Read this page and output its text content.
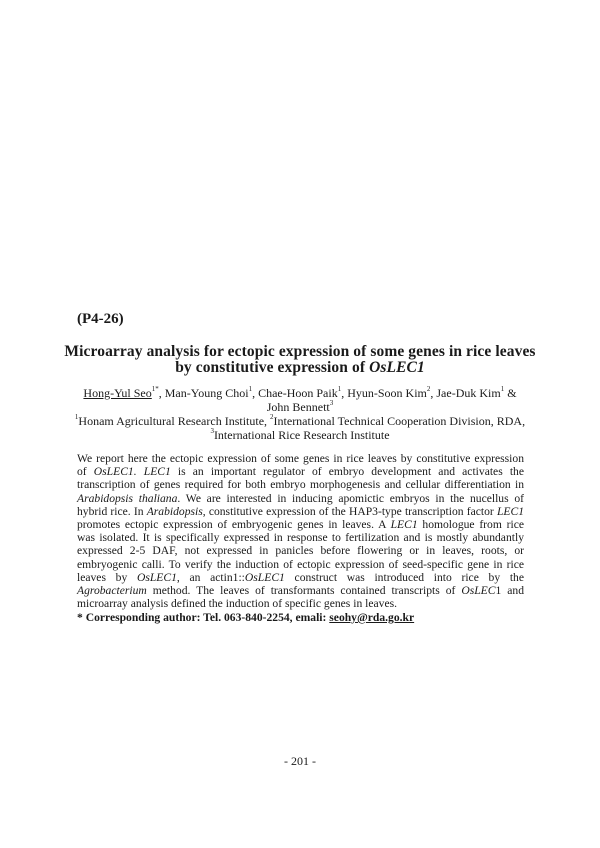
(P4-26)
Microarray analysis for ectopic expression of some genes in rice leaves
by constitutive expression of OsLEC1
Hong-Yul Seo$^{1*}$, Man-Young Choi$^1$, Chae-Hoon Paik$^1$, Hyun-Soon Kim$^2$, Jae-Duk Kim$^1$ &
John Bennett$^3$
$^1$Honam Agricultural Research Institute, $^2$International Technical Cooperation Division, RDA,
$^3$International Rice Research Institute
We report here the ectopic expression of some genes in rice leaves by constitutive expression
of OsLEC1. LEC1 is an important regulator of embryo development and activates the
transcription of genes required for both embryo morphogenesis and cellular differentiation in
Arabidopsis thaliana. We are interested in inducing apomictic embryos in the nucellus of
hybrid rice. In Arabidopsis, constitutive expression of the HAP3-type transcription factor LEC1
promotes ectopic expression of embryogenic genes in leaves. A LEC1 homologue from rice
was isolated. It is specifically expressed in response to fertilization and is mostly abundantly
expressed 2-5 DAF, not expressed in panicles before flowering or in leaves, roots, or
embryogenic calli. To verify the induction of ectopic expression of seed-specific gene in rice
leaves by OsLEC1, an actin1::OsLEC1 construct was introduced into rice by the
Agrobacterium method. The leaves of transformants contained transcripts of OsLEC1 and
microarray analysis defined the induction of specific genes in leaves.
* Corresponding author: Tel. 063-840-2254, emali: seohy@rda.go.kr
- 201 -
